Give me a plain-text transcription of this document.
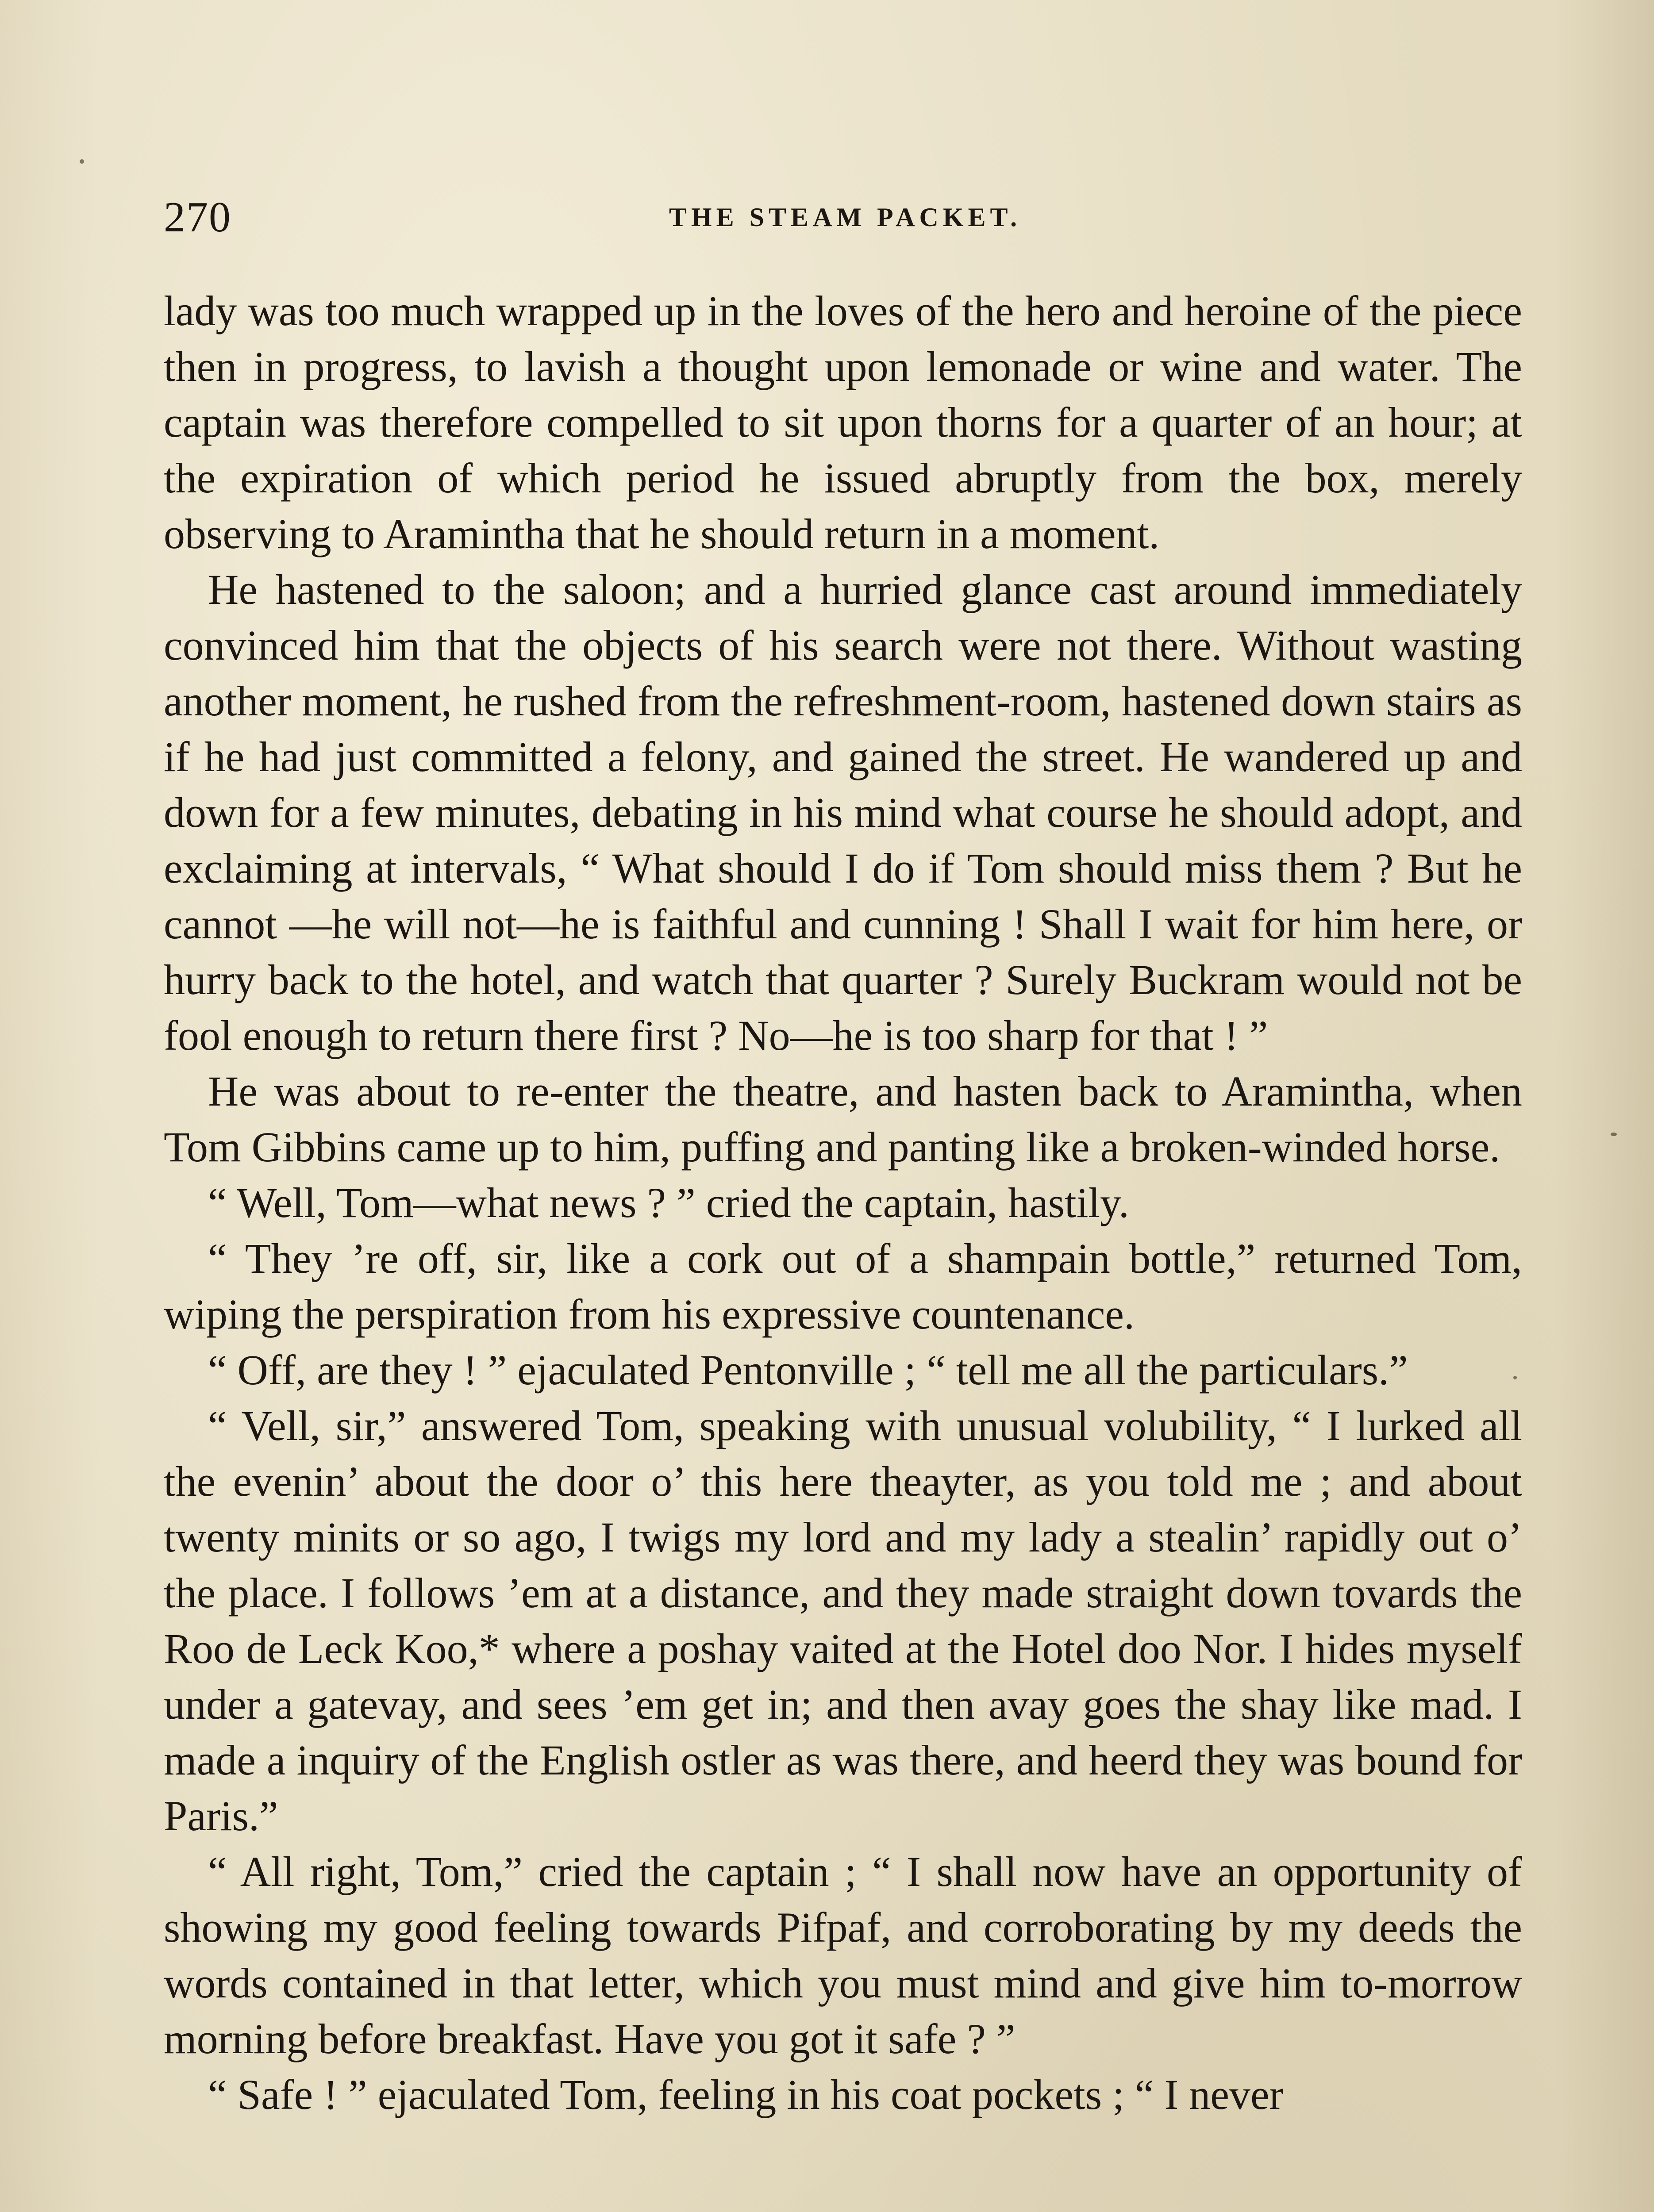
270	THE STEAM PACKET.

lady was too much wrapped up in the loves of the hero and heroine of the piece then in progress, to lavish a thought upon lemonade or wine and water. The captain was therefore compelled to sit upon thorns for a quarter of an hour; at the expiration of which period he issued abruptly from the box, merely observing to Aramintha that he should return in a moment.

He hastened to the saloon; and a hurried glance cast around immediately convinced him that the objects of his search were not there. Without wasting another moment, he rushed from the refreshment-room, hastened down stairs as if he had just committed a felony, and gained the street. He wandered up and down for a few minutes, debating in his mind what course he should adopt, and exclaiming at intervals, “ What should I do if Tom should miss them ? But he cannot —he will not—he is faithful and cunning ! Shall I wait for him here, or hurry back to the hotel, and watch that quarter ? Surely Buckram would not be fool enough to return there first ? No—he is too sharp for that ! ”

He was about to re-enter the theatre, and hasten back to Aramintha, when Tom Gibbins came up to him, puffing and panting like a broken-winded horse.

“ Well, Tom—what news ? ” cried the captain, hastily.

“ They ’re off, sir, like a cork out of a shampain bottle,” returned Tom, wiping the perspiration from his expressive countenance.

“ Off, are they ! ” ejaculated Pentonville ; “ tell me all the particulars.”

“ Vell, sir,” answered Tom, speaking with unusual volubility, “ I lurked all the evenin’ about the door o’ this here theayter, as you told me ; and about twenty minits or so ago, I twigs my lord and my lady a stealin’ rapidly out o’ the place. I follows ’em at a distance, and they made straight down tovards the Roo de Leck Koo,* where a poshay vaited at the Hotel doo Nor. I hides myself under a gatevay, and sees ’em get in; and then avay goes the shay like mad. I made a inquiry of the English ostler as was there, and heerd they was bound for Paris.”

“ All right, Tom,” cried the captain ; “ I shall now have an opportunity of showing my good feeling towards Pifpaf, and corroborating by my deeds the words contained in that letter, which you must mind and give him to-morrow morning before breakfast. Have you got it safe ? ”

“ Safe ! ” ejaculated Tom, feeling in his coat pockets ; “ I never
